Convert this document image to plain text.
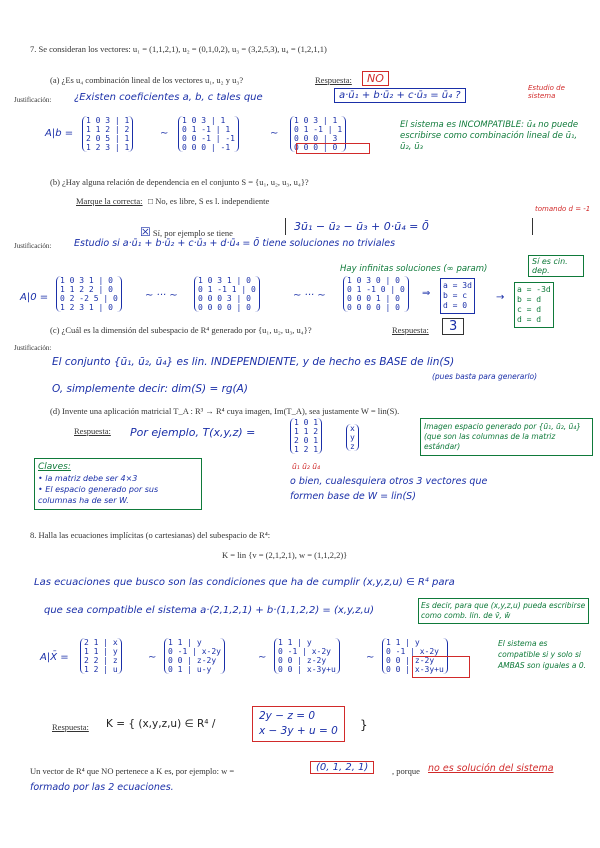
7. Se consideran los vectores: u₁ = (1,1,2,1), u₂ = (0,1,0,2), u₃ = (3,2,5,3), u₄ = (1,2,1,1)
(a) ¿Es u₄ combinación lineal de los vectores u₁, u₂ y u₃?	Respuesta:	NO
Justificación: ¿Existen coeficientes a, b, c tales que	a·ū₁ + b·ū₂ + c·ū₃ = ū₄ ?
Estudio de sistema
A|b =
1 0 3 | 1
1 1 2 | 2
2 0 5 | 1
1 2 3 | 1
∼
1 0 3 | 1
0 1 -1 | 1
0 0 -1 | -1
0 0 0 | -1
∼
1 0 3 | 1
0 1 -1 | 1
0 0 0 | 3
0 0 0 | 0
El sistema es INCOMPATIBLE: ū₄ no puede escribirse como combinación lineal de ū₁, ū₂, ū₃
(b) ¿Hay alguna relación de dependencia en el conjunto S = {u₁, u₂, u₃, u₄}?
Marque la correcta: □ No, es libre, S es l. independiente
☒ Sí, por ejemplo se tiene	3ū₁ − ū₂ − ū₃ + 0·ū₄ = 0̄
tomando d = -1
Justificación: Estudio si a·ū₁ + b·ū₂ + c·ū₃ + d·ū₄ = 0̄ tiene soluciones no triviales
Hay infinitas soluciones (∞ param)
Sí es cin. dep.
A|0 =
1 0 3 1 | 0
1 1 2 2 | 0
0 2 -2 5 | 0
1 2 3 1 | 0
∼ ··· ∼
1 0 3 1 | 0
0 1 -1 1 | 0
0 0 0 3 | 0
0 0 0 0 | 0
∼ ··· ∼
1 0 3 0 | 0
0 1 -1 0 | 0
0 0 0 1 | 0
0 0 0 0 | 0
⇒
a = 3d
b = c
d = 0
→
a = -3d
b = d
c = d
d = d
(c) ¿Cuál es la dimensión del subespacio de R⁴ generado por {u₁, u₂, u₃, u₄}?	Respuesta:	3
Justificación:
El conjunto {ū₁, ū₂, ū₄} es lin. INDEPENDIENTE, y de hecho es BASE de lin(S)
(pues basta para generarlo)
O, simplemente decir: dim(S) = rg(A)
(d) Invente una aplicación matricial T_A : R³ → R⁴ cuya imagen, Im(T_A), sea justamente W = lin(S).
Respuesta: Por ejemplo, T(x,y,z) =
1 0 1
1 1 2
2 0 1
1 2 1
x
y
z
ū₁ ū₂ ū₄
Imagen espacio generado por {ū₁, ū₂, ū₄} (que son las columnas de la matriz estándar)
Claves:
• la matriz debe ser 4×3
• El espacio generado por sus columnas ha de ser W.
o bien, cualesquiera otros 3 vectores que formen base de W = lin(S)
8. Halla las ecuaciones implícitas (o cartesianas) del subespacio de R⁴:
K = lin {v = (2,1,2,1), w = (1,1,2,2)}
Las ecuaciones que busco son las condiciones que ha de cumplir (x,y,z,u) ∈ R⁴ para
que sea compatible el sistema a·(2,1,2,1) + b·(1,1,2,2) = (x,y,z,u)	Es decir, para que (x,y,z,u) pueda escribirse como comb. lin. de v̄, w̄
A|X̄ =
2 1 | x
1 1 | y
2 2 | z
1 2 | u
∼
1 1 | y
0 -1 | x-2y
0 0 | z-2y
0 1 | u-y
∼
1 1 | y
0 -1 | x-2y
0 0 | z-2y
0 0 | x-3y+u
∼
1 1 | y
0 -1 | x-2y
0 0 | z-2y
0 0 | x-3y+u
El sistema es compatible si y solo si AMBAS son iguales a 0.
Respuesta: K = { (x,y,z,u) ∈ R⁴ /
2y − z = 0
x − 3y + u = 0 }
Un vector de R⁴ que NO pertenece a K es, por ejemplo: w =	(0, 1, 2, 1)	, porque no es solución del sistema
formado por las 2 ecuaciones.
